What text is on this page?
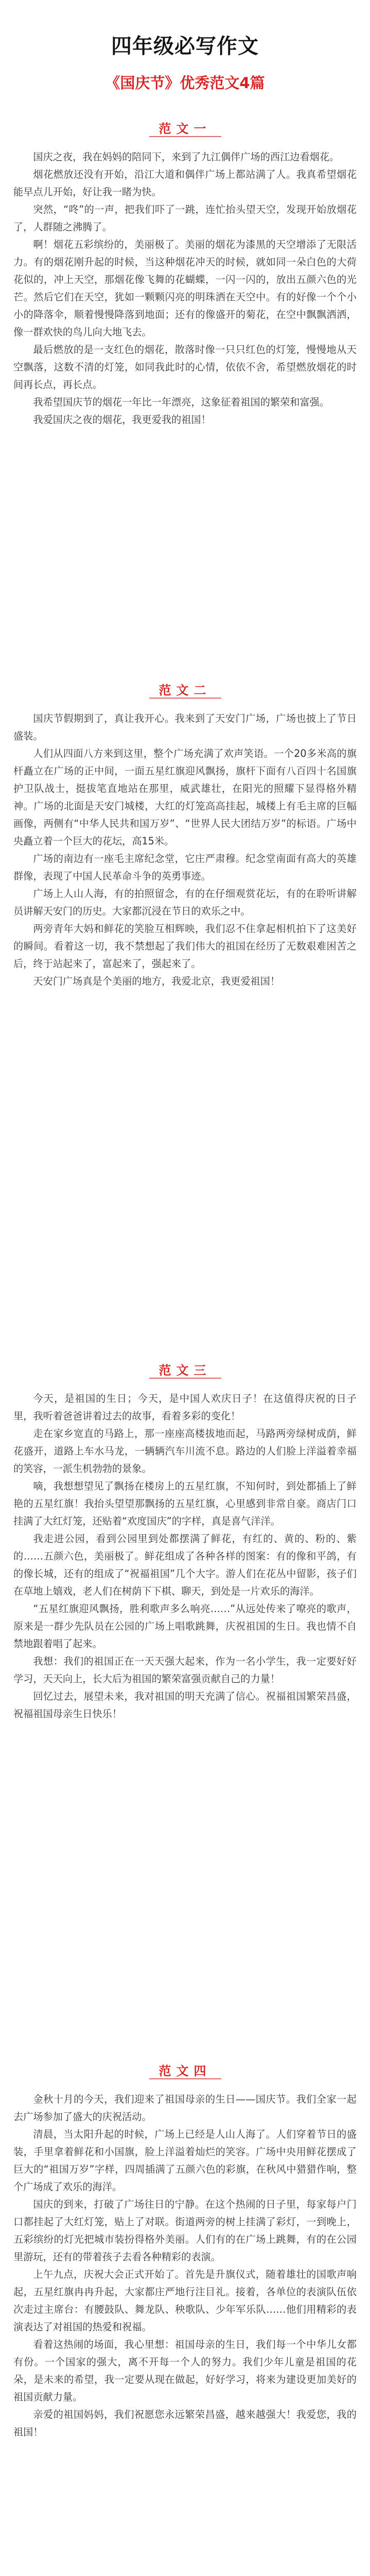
四年级必写作文

《国庆节》优秀范文4篇

范文一

国庆之夜，我在妈妈的陪同下，来到了九江偶伴广场的西江边看烟花。

烟花燃放还没有开始，沿江大道和偶伴广场上都站满了人。我真希望烟花能早点儿开始，好让我一睹为快。

突然，“咚”的一声，把我们吓了一跳，连忙抬头望天空，发现开始放烟花了，人群随之沸腾了。

啊！烟花五彩缤纷的，美丽极了。美丽的烟花为漆黑的天空增添了无限活力。有的烟花刚升起的时候，当这种烟花冲天的时候，就如同一朵白色的大荷花似的，冲上天空，那烟花像飞舞的花蝴蝶，一闪一闪的，放出五颜六色的光芒。然后它们在天空，犹如一颗颗闪亮的明珠洒在天空中。有的好像一个个小小的降落伞，顺着慢慢降落到地面；还有的像盛开的菊花，在空中飘飘洒洒，像一群欢快的鸟儿向大地飞去。

最后燃放的是一支红色的烟花，散落时像一只只红色的灯笼，慢慢地从天空飘落，这数不清的灯笼，如同我此时的心情，依依不舍，希望燃放烟花的时间再长点，再长点。

我希望国庆节的烟花一年比一年漂亮，这象征着祖国的繁荣和富强。

我爱国庆之夜的烟花，我更爱我的祖国！

范文二

国庆节假期到了，真让我开心。我来到了天安门广场，广场也披上了节日盛装。

人们从四面八方来到这里，整个广场充满了欢声笑语。一个20多米高的旗杆矗立在广场的正中间，一面五星红旗迎风飘扬，旗杆下面有八百四十名国旗护卫队战士，挺拔笔直地站在那里，威武雄壮，在阳光的照耀下显得格外精神。广场的北面是天安门城楼，大红的灯笼高高挂起，城楼上有毛主席的巨幅画像，两侧有“中华人民共和国万岁”、“世界人民大团结万岁”的标语。广场中央矗立着一个巨大的花坛，高15米。

广场的南边有一座毛主席纪念堂，它庄严肃穆。纪念堂南面有高大的英雄群像，表现了中国人民革命斗争的英勇事迹。

广场上人山人海，有的拍照留念，有的在仔细观赏花坛，有的在聆听讲解员讲解天安门的历史。大家都沉浸在节日的欢乐之中。

两旁青年大妈和鲜花的笑脸互相辉映，我们忍不住拿起相机拍下了这美好的瞬间。看着这一切，我不禁想起了我们伟大的祖国在经历了无数艰难困苦之后，终于站起来了，富起来了，强起来了。

天安门广场真是个美丽的地方，我爱北京，我更爱祖国！

范文三

今天，是祖国的生日；今天，是中国人欢庆日子！在这值得庆祝的日子里，我听着爸爸讲着过去的故事，看着多彩的变化！

走在家乡宽直的马路上，那一座座高楼拔地而起，马路两旁绿树成荫，鲜花盛开，道路上车水马龙，一辆辆汽车川流不息。路边的人们脸上洋溢着幸福的笑容，一派生机勃勃的景象。

嘀，我想想望见了飘扬在楼房上的五星红旗，不知何时，到处都插上了鲜艳的五星红旗！我抬头望望那飘扬的五星红旗，心里感到非常自豪。商店门口挂满了大红灯笼，还贴着“欢度国庆”的字样，真是喜气洋洋。

我走进公园，看到公园里到处都摆满了鲜花，有红的、黄的、粉的、紫的……五颜六色，美丽极了。鲜花组成了各种各样的图案：有的像和平鸽，有的像长城，还有的组成了“祝福祖国”几个大字。游人们在花丛中留影，孩子们在草地上嬉戏，老人们在树荫下下棋、聊天，到处是一片欢乐的海洋。

“五星红旗迎风飘扬，胜利歌声多么响亮……”从远处传来了嘹亮的歌声，原来是一群少先队员在公园的广场上唱歌跳舞，庆祝祖国的生日。我也情不自禁地跟着唱了起来。

我想：我们的祖国正在一天天强大起来，作为一名小学生，我一定要好好学习，天天向上，长大后为祖国的繁荣富强贡献自己的力量！

回忆过去，展望未来，我对祖国的明天充满了信心。祝福祖国繁荣昌盛，祝福祖国母亲生日快乐！

范文四

金秋十月的今天，我们迎来了祖国母亲的生日——国庆节。我们全家一起去广场参加了盛大的庆祝活动。

清晨，当太阳升起的时候，广场上已经是人山人海了。人们穿着节日的盛装，手里拿着鲜花和小国旗，脸上洋溢着灿烂的笑容。广场中央用鲜花摆成了巨大的“祖国万岁”字样，四周插满了五颜六色的彩旗，在秋风中猎猎作响，整个广场成了欢乐的海洋。

国庆的到来，打破了广场往日的宁静。在这个热闹的日子里，每家每户门口都挂起了大红灯笼，贴上了对联。街道两旁的树上挂满了彩灯，一到晚上，五彩缤纷的灯光把城市装扮得格外美丽。人们有的在广场上跳舞，有的在公园里游玩，还有的带着孩子去看各种精彩的表演。

上午九点，庆祝大会正式开始了。首先是升旗仪式，随着雄壮的国歌声响起，五星红旗冉冉升起，大家都庄严地行注目礼。接着，各单位的表演队伍依次走过主席台：有腰鼓队、舞龙队、秧歌队、少年军乐队……他们用精彩的表演表达了对祖国的热爱和祝福。

看着这热闹的场面，我心里想：祖国母亲的生日，我们每一个中华儿女都有份。一个国家的强大，离不开每一个人的努力。我们少年儿童是祖国的花朵，是未来的希望，我一定要从现在做起，好好学习，将来为建设更加美好的祖国贡献力量。

亲爱的祖国妈妈，我们祝愿您永远繁荣昌盛，越来越强大！我爱您，我的祖国！
